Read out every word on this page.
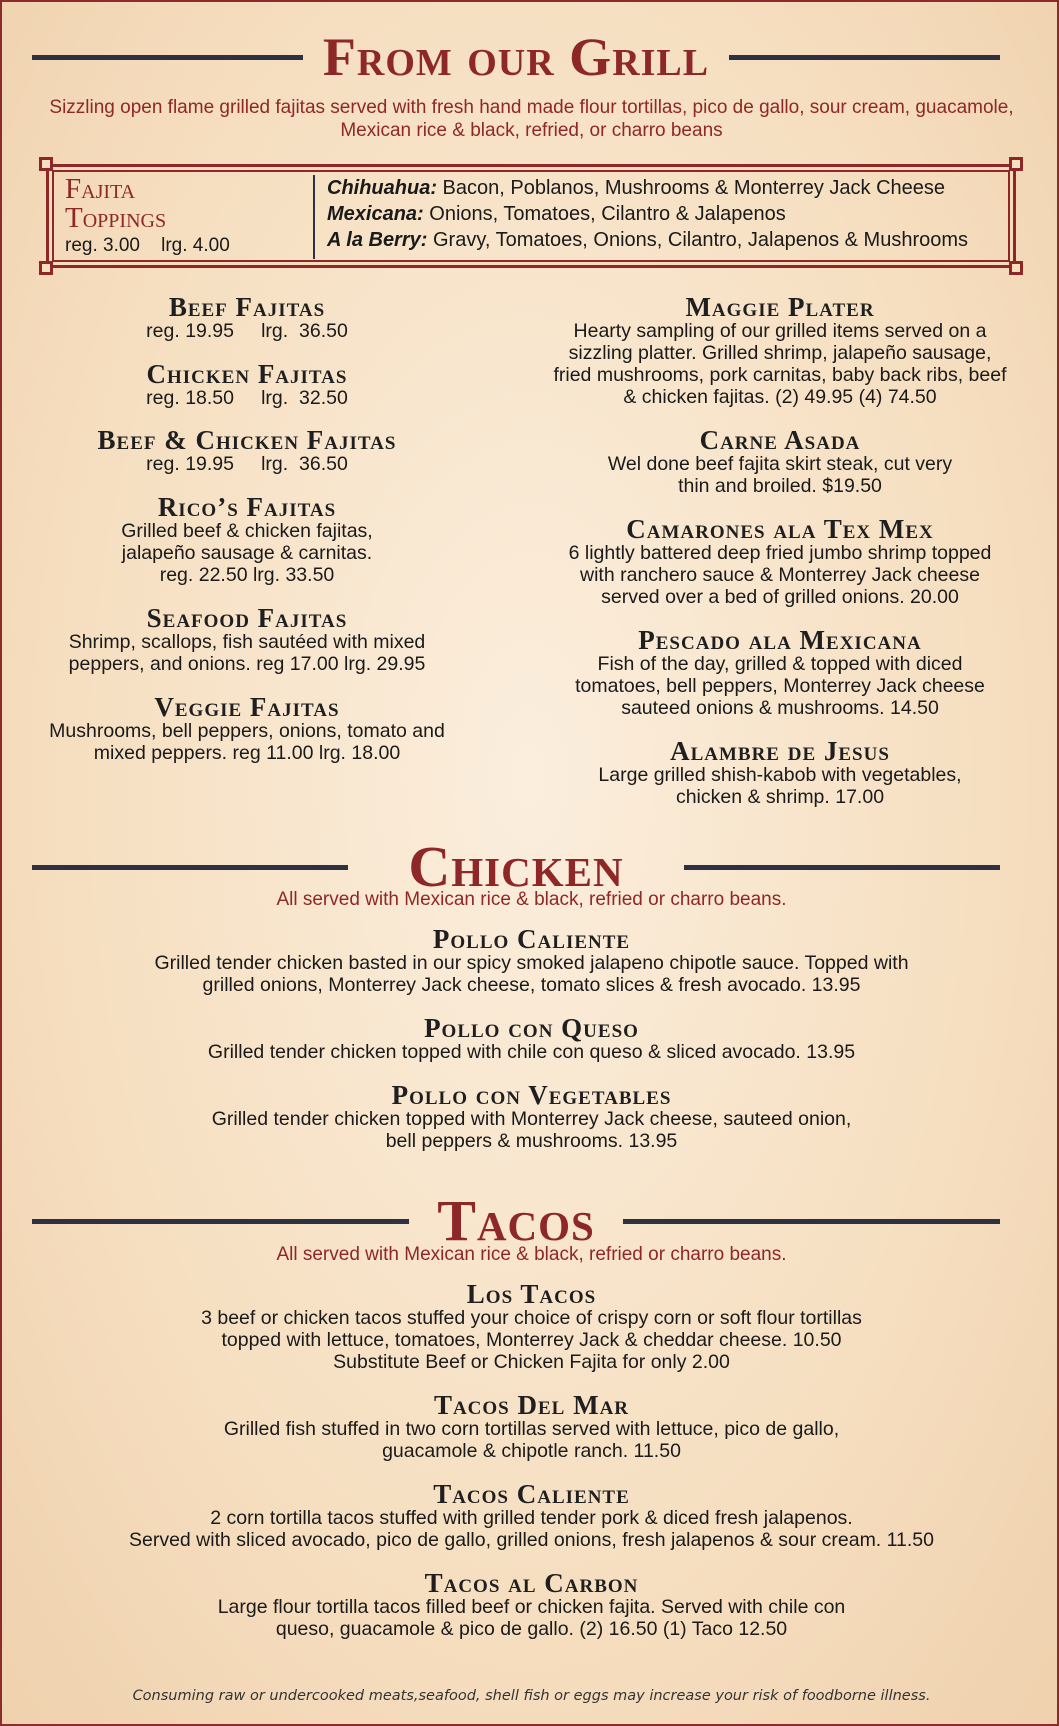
From our Grill
Sizzling open flame grilled fajitas served with fresh hand made flour tortillas, pico de gallo, sour cream, guacamole, Mexican rice & black, refried, or charro beans
Fajita
Toppings
reg. 3.00    lrg. 4.00
Chihuahua: Bacon, Poblanos, Mushrooms & Monterrey Jack Cheese
Mexicana: Onions, Tomatoes, Cilantro & Jalapenos
A la Berry: Gravy, Tomatoes, Onions, Cilantro, Jalapenos & Mushrooms
Beef Fajitas
reg. 19.95     lrg.  36.50
Chicken Fajitas
reg. 18.50     lrg.  32.50
Beef & Chicken Fajitas
reg. 19.95     lrg.  36.50
Rico’s Fajitas
Grilled beef & chicken fajitas,
jalapeño sausage & carnitas.
reg. 22.50 lrg. 33.50
Seafood Fajitas
Shrimp, scallops, fish sautéed with mixed
peppers, and onions. reg 17.00 lrg. 29.95
Veggie Fajitas
Mushrooms, bell peppers, onions, tomato and
mixed peppers. reg 11.00 lrg. 18.00
Maggie Plater
Hearty sampling of our grilled items served on a
sizzling platter. Grilled shrimp, jalapeño sausage,
fried mushrooms, pork carnitas, baby back ribs, beef
& chicken fajitas. (2) 49.95 (4) 74.50
Carne Asada
Wel done beef fajita skirt steak, cut very
thin and broiled. $19.50
Camarones ala Tex Mex
6 lightly battered deep fried jumbo shrimp topped
with ranchero sauce & Monterrey Jack cheese
served over a bed of grilled onions. 20.00
Pescado ala Mexicana
Fish of the day, grilled & topped with diced
tomatoes, bell peppers, Monterrey Jack cheese
sauteed onions & mushrooms. 14.50
Alambre de Jesus
Large grilled shish-kabob with vegetables,
chicken & shrimp. 17.00
Chicken
All served with Mexican rice & black, refried or charro beans.
Pollo Caliente
Grilled tender chicken basted in our spicy smoked jalapeno chipotle sauce. Topped with
grilled onions, Monterrey Jack cheese, tomato slices & fresh avocado. 13.95
Pollo con Queso
Grilled tender chicken topped with chile con queso & sliced avocado. 13.95
Pollo con Vegetables
Grilled tender chicken topped with Monterrey Jack cheese, sauteed onion,
bell peppers & mushrooms. 13.95
Tacos
All served with Mexican rice & black, refried or charro beans.
Los Tacos
3 beef or chicken tacos stuffed your choice of crispy corn or soft flour tortillas
topped with lettuce, tomatoes, Monterrey Jack & cheddar cheese. 10.50
Substitute Beef or Chicken Fajita for only 2.00
Tacos Del Mar
Grilled fish stuffed in two corn tortillas served with lettuce, pico de gallo,
guacamole & chipotle ranch. 11.50
Tacos Caliente
2 corn tortilla tacos stuffed with grilled tender pork & diced fresh jalapenos.
Served with sliced avocado, pico de gallo, grilled onions, fresh jalapenos & sour cream. 11.50
Tacos al Carbon
Large flour tortilla tacos filled beef or chicken fajita. Served with chile con
queso, guacamole & pico de gallo. (2) 16.50 (1) Taco 12.50
Consuming raw or undercooked meats,seafood, shell fish or eggs may increase your risk of foodborne illness.
